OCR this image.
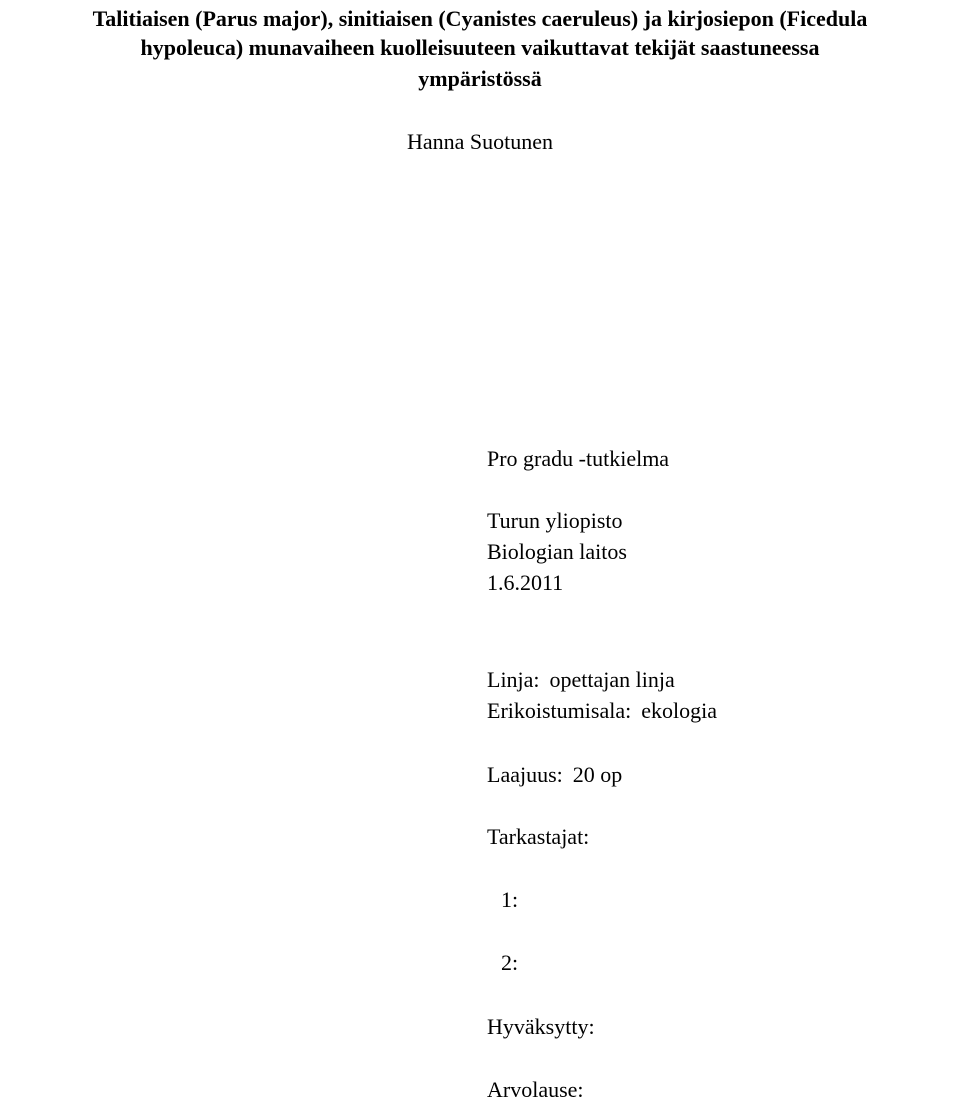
Talitiaisen (Parus major), sinitiaisen (Cyanistes caeruleus) ja kirjosiepon (Ficedula
hypoleuca) munavaiheen kuolleisuuteen vaikuttavat tekijät saastuneessa
ympäristössä
Hanna Suotunen
Pro gradu -tutkielma
Turun yliopisto
Biologian laitos
1.6.2011
Linja: opettajan linja
Erikoistumisala: ekologia
Laajuus: 20 op
Tarkastajat:
1:
2:
Hyväksytty:
Arvolause:
